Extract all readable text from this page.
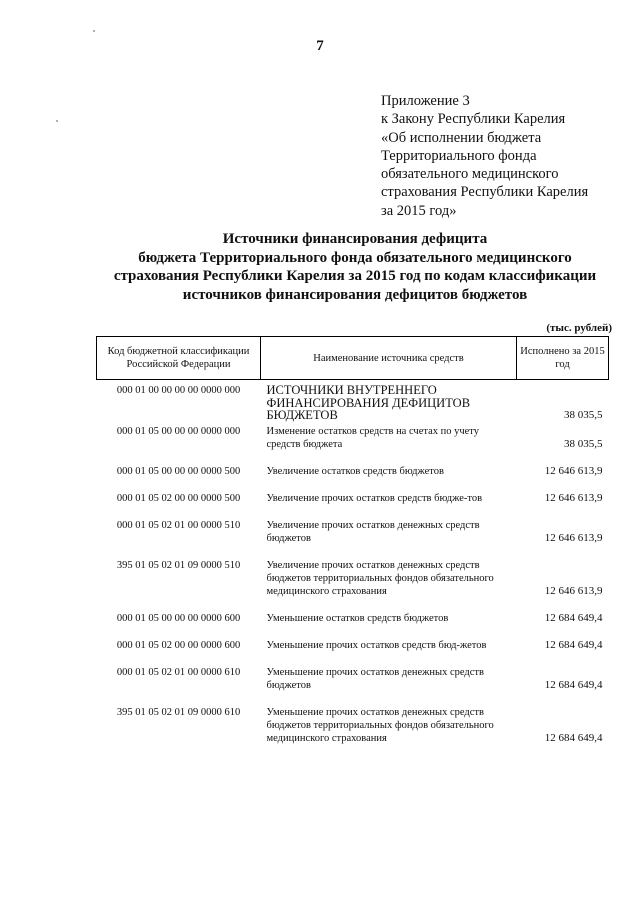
7
Приложение 3
к Закону Республики Карелия
«Об исполнении бюджета
Территориального фонда
обязательного медицинского
страхования Республики Карелия
за 2015 год»
Источники финансирования дефицита
бюджета Территориального фонда обязательного медицинского
страхования Республики Карелия за 2015 год по кодам классификации
источников финансирования дефицитов бюджетов
(тыс. рублей)
Код бюджетной классификации Российской Федерации	Наименование источника средств	Исполнено за 2015 год
000 01 00 00 00 00 0000 000	ИСТОЧНИКИ ВНУТРЕННЕГО ФИНАНСИРОВАНИЯ ДЕФИЦИТОВ БЮДЖЕТОВ	38 035,5
000 01 05 00 00 00 0000 000	Изменение остатков средств на счетах по учету средств бюджета	38 035,5
000 01 05 00 00 00 0000 500	Увеличение остатков средств бюджетов	12 646 613,9
000 01 05 02 00 00 0000 500	Увеличение прочих остатков средств бюдже-тов	12 646 613,9
000 01 05 02 01 00 0000 510	Увеличение прочих остатков денежных средств бюджетов	12 646 613,9
395 01 05 02 01 09 0000 510	Увеличение прочих остатков денежных средств бюджетов территориальных фондов обязательного медицинского страхования	12 646 613,9
000 01 05 00 00 00 0000 600	Уменьшение остатков средств бюджетов	12 684 649,4
000 01 05 02 00 00 0000 600	Уменьшение прочих остатков средств бюд-жетов	12 684 649,4
000 01 05 02 01 00 0000 610	Уменьшение прочих остатков денежных средств бюджетов	12 684 649,4
395 01 05 02 01 09 0000 610	Уменьшение прочих остатков денежных средств бюджетов территориальных фондов обязательного медицинского страхования	12 684 649,4
